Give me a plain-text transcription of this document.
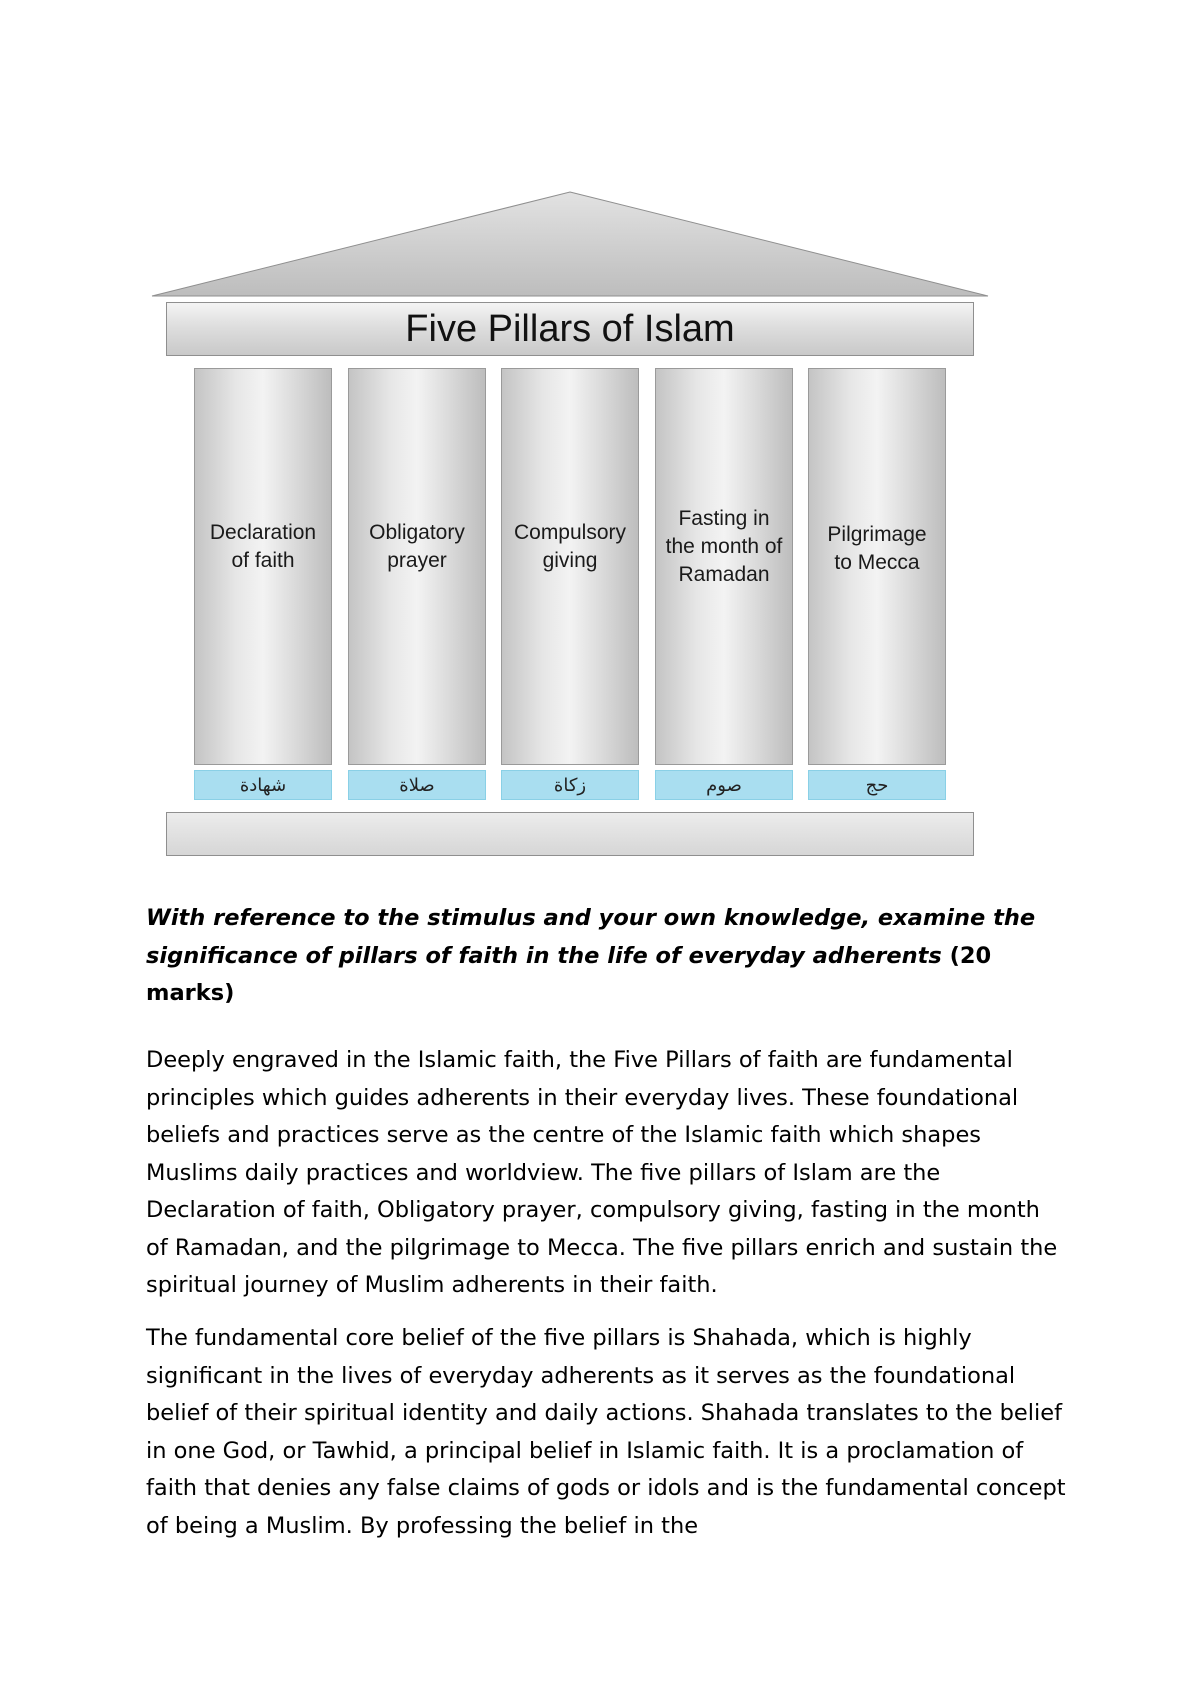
Five Pillars of Islam
Declaration
of faith
شهادة
Obligatory
prayer
صلاة
Compulsory
giving
زكاة
Fasting in
the month of
Ramadan
صوم
Pilgrimage
to Mecca
حج

With reference to the stimulus and your own knowledge, examine the significance of pillars of faith in the life of everyday adherents (20 marks)

Deeply engraved in the Islamic faith, the Five Pillars of faith are fundamental principles which guides adherents in their everyday lives. These foundational beliefs and practices serve as the centre of the Islamic faith which shapes Muslims daily practices and worldview. The five pillars of Islam are the Declaration of faith, Obligatory prayer, compulsory giving, fasting in the month of Ramadan, and the pilgrimage to Mecca. The five pillars enrich and sustain the spiritual journey of Muslim adherents in their faith.

The fundamental core belief of the five pillars is Shahada, which is highly significant in the lives of everyday adherents as it serves as the foundational belief of their spiritual identity and daily actions. Shahada translates to the belief in one God, or Tawhid, a principal belief in Islamic faith. It is a proclamation of faith that denies any false claims of gods or idols and is the fundamental concept of being a Muslim. By professing the belief in the
